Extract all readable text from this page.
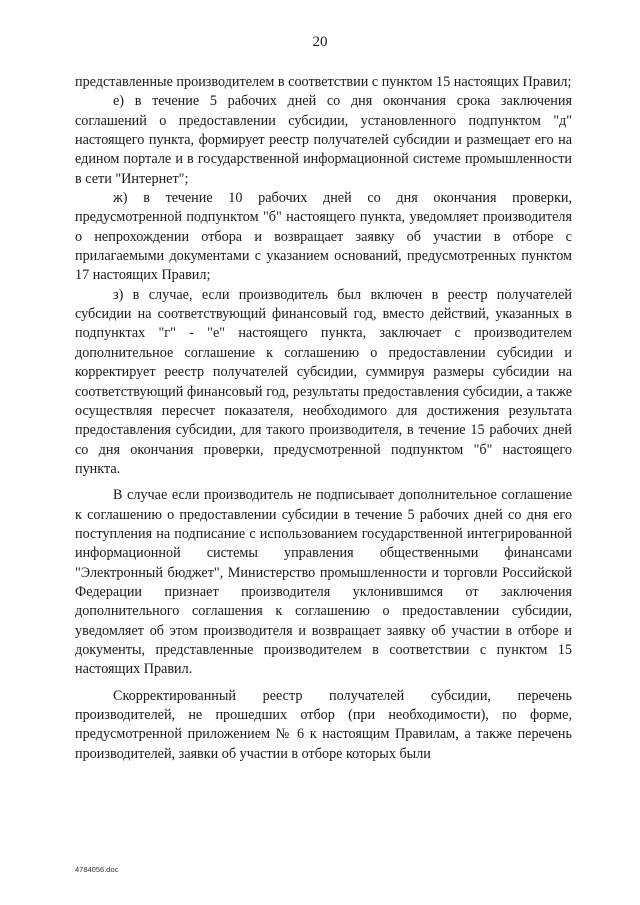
20

представленные производителем в соответствии с пунктом 15 настоящих Правил;

е) в течение 5 рабочих дней со дня окончания срока заключения соглашений о предоставлении субсидии, установленного подпунктом "д" настоящего пункта, формирует реестр получателей субсидии и размещает его на едином портале и в государственной информационной системе промышленности в сети "Интернет";

ж) в течение 10 рабочих дней со дня окончания проверки, предусмотренной подпунктом "б" настоящего пункта, уведомляет производителя о непрохождении отбора и возвращает заявку об участии в отборе с прилагаемыми документами с указанием оснований, предусмотренных пунктом 17 настоящих Правил;

з) в случае, если производитель был включен в реестр получателей субсидии на соответствующий финансовый год, вместо действий, указанных в подпунктах "г" - "е" настоящего пункта, заключает с производителем дополнительное соглашение к соглашению о предоставлении субсидии и корректирует реестр получателей субсидии, суммируя размеры субсидии на соответствующий финансовый год, результаты предоставления субсидии, а также осуществляя пересчет показателя, необходимого для достижения результата предоставления субсидии, для такого производителя, в течение 15 рабочих дней со дня окончания проверки, предусмотренной подпунктом "б" настоящего пункта.

В случае если производитель не подписывает дополнительное соглашение к соглашению о предоставлении субсидии в течение 5 рабочих дней со дня его поступления на подписание с использованием государственной интегрированной информационной системы управления общественными финансами "Электронный бюджет", Министерство промышленности и торговли Российской Федерации признает производителя уклонившимся от заключения дополнительного соглашения к соглашению о предоставлении субсидии, уведомляет об этом производителя и возвращает заявку об участии в отборе и документы, представленные производителем в соответствии с пунктом 15 настоящих Правил.

Скорректированный реестр получателей субсидии, перечень производителей, не прошедших отбор (при необходимости), по форме, предусмотренной приложением № 6 к настоящим Правилам, а также перечень производителей, заявки об участии в отборе которых были

4784056.doc
